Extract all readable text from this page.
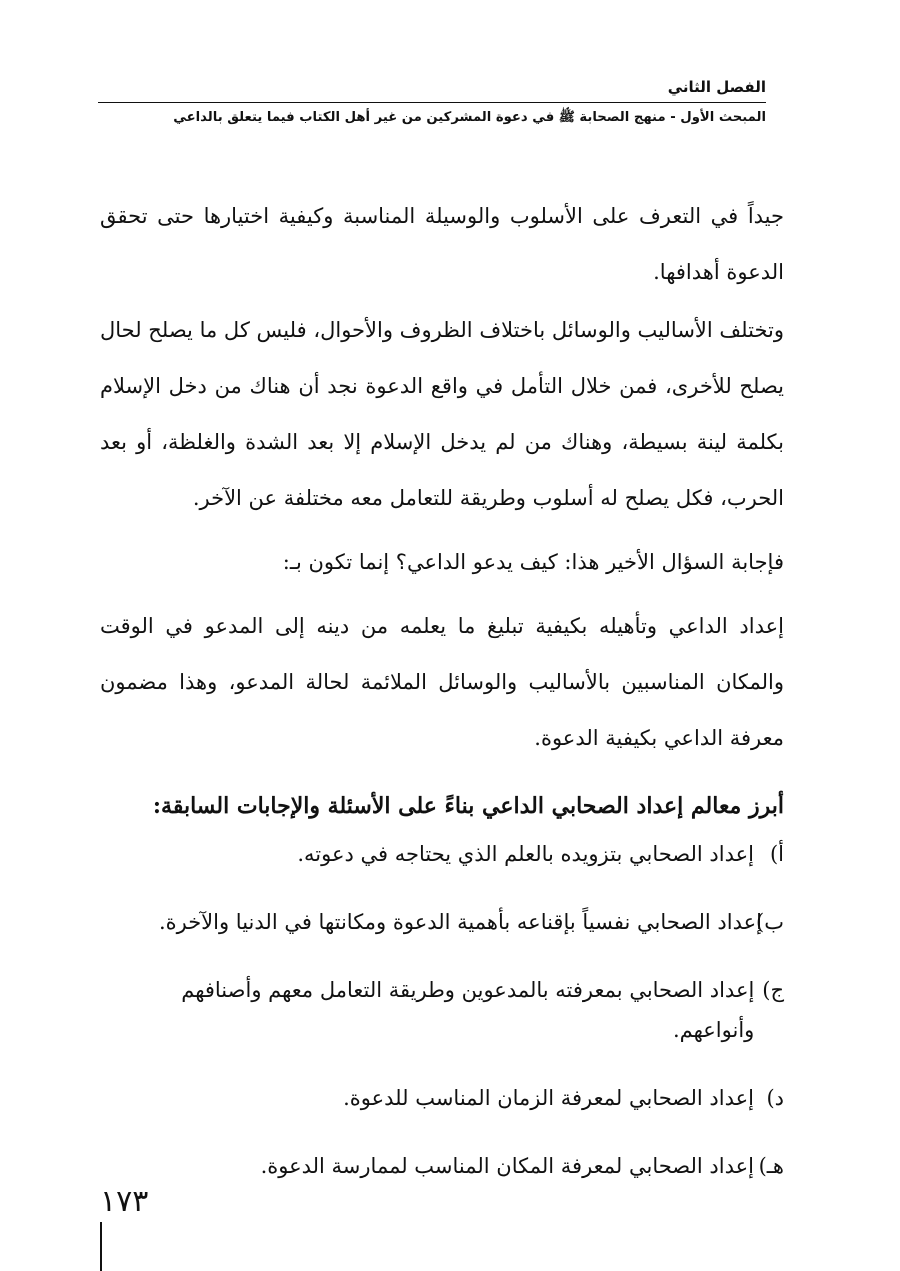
الفصل الثاني
المبحث الأول - منهج الصحابة ﷺ في دعوة المشركين من غير أهل الكتاب فيما يتعلق بالداعي

جيداً في التعرف على الأسلوب والوسيلة المناسبة وكيفية اختيارها حتى تحقق الدعوة أهدافها.

وتختلف الأساليب والوسائل باختلاف الظروف والأحوال، فليس كل ما يصلح لحال يصلح للأخرى، فمن خلال التأمل في واقع الدعوة نجد أن هناك من دخل الإسلام بكلمة لينة بسيطة، وهناك من لم يدخل الإسلام إلا بعد الشدة والغلظة، أو بعد الحرب، فكل يصلح له أسلوب وطريقة للتعامل معه مختلفة عن الآخر.

فإجابة السؤال الأخير هذا: كيف يدعو الداعي؟ إنما تكون بـ:

إعداد الداعي وتأهيله بكيفية تبليغ ما يعلمه من دينه إلى المدعو في الوقت والمكان المناسبين بالأساليب والوسائل الملائمة لحالة المدعو، وهذا مضمون معرفة الداعي بكيفية الدعوة.

أبرز معالم إعداد الصحابي الداعي بناءً على الأسئلة والإجابات السابقة:
أ)
إعداد الصحابي بتزويده بالعلم الذي يحتاجه في دعوته.
ب)
إعداد الصحابي نفسياً بإقناعه بأهمية الدعوة ومكانتها في الدنيا والآخرة.
ج)
إعداد الصحابي بمعرفته بالمدعوين وطريقة التعامل معهم وأصنافهم وأنواعهم.
د)
إعداد الصحابي لمعرفة الزمان المناسب للدعوة.
هـ)
إعداد الصحابي لمعرفة المكان المناسب لممارسة الدعوة.
١٧٣
